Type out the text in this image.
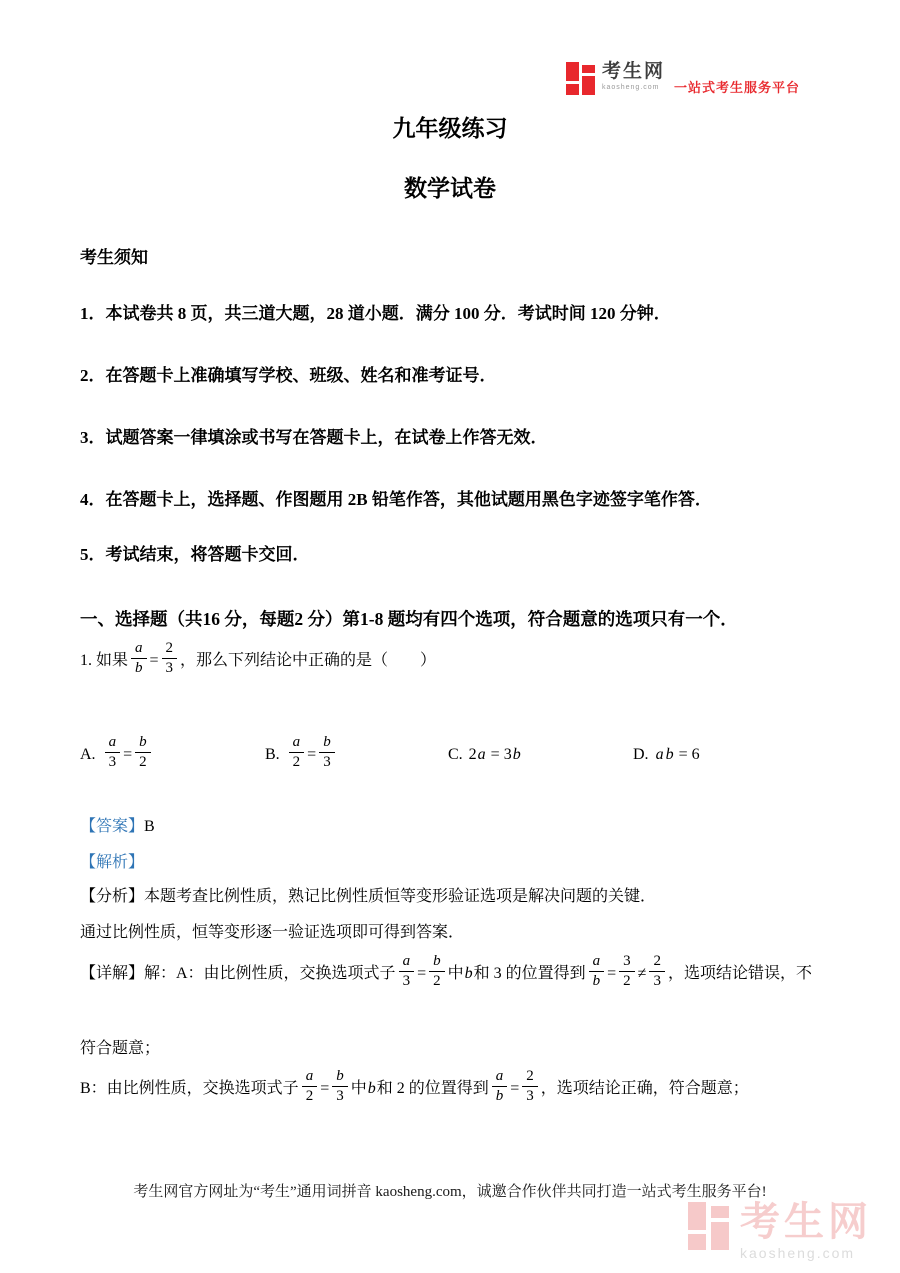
考生网
kaosheng.com	一站式考生服务平台
九年级练习
数学试卷
考生须知
1．本试卷共 8 页，共三道大题，28 道小题．满分 100 分．考试时间 120 分钟．
2．在答题卡上准确填写学校、班级、姓名和准考证号．
3．试题答案一律填涂或书写在答题卡上，在试卷上作答无效．
4．在答题卡上，选择题、作图题用 2B 铅笔作答，其他试题用黑色字迹签字笔作答．
5．考试结束，将答题卡交回．
一、选择题（共16 分，每题2 分）第1-8 题均有四个选项，符合题意的选项只有一个．
1. 如果 $\frac{a}{b} = \frac{2}{3}$ ，那么下列结论中正确的是（　　）
A. $\frac{a}{3} = \frac{b}{2}$	B. $\frac{a}{2} = \frac{b}{3}$	C. 2a = 3b	D. a b = 6
【答案】B
【解析】
【分析】本题考查比例性质，熟记比例性质恒等变形验证选项是解决问题的关键．
通过比例性质，恒等变形逐一验证选项即可得到答案．
【详解】解：A：由比例性质，交换选项式子 $\frac{a}{3} = \frac{b}{2}$ 中b和 3 的位置得到 $\frac{a}{b} = \frac{3}{2} \ne \frac{2}{3}$ ，选项结论错误，不
符合题意；
B：由比例性质，交换选项式子 $\frac{a}{2} = \frac{b}{3}$ 中b和 2 的位置得到 $\frac{a}{b} = \frac{2}{3}$ ，选项结论正确，符合题意；
考生网官方网址为“考生”通用词拼音 kaosheng.com，诚邀合作伙伴共同打造一站式考生服务平台!
考生网
kaosheng.com
